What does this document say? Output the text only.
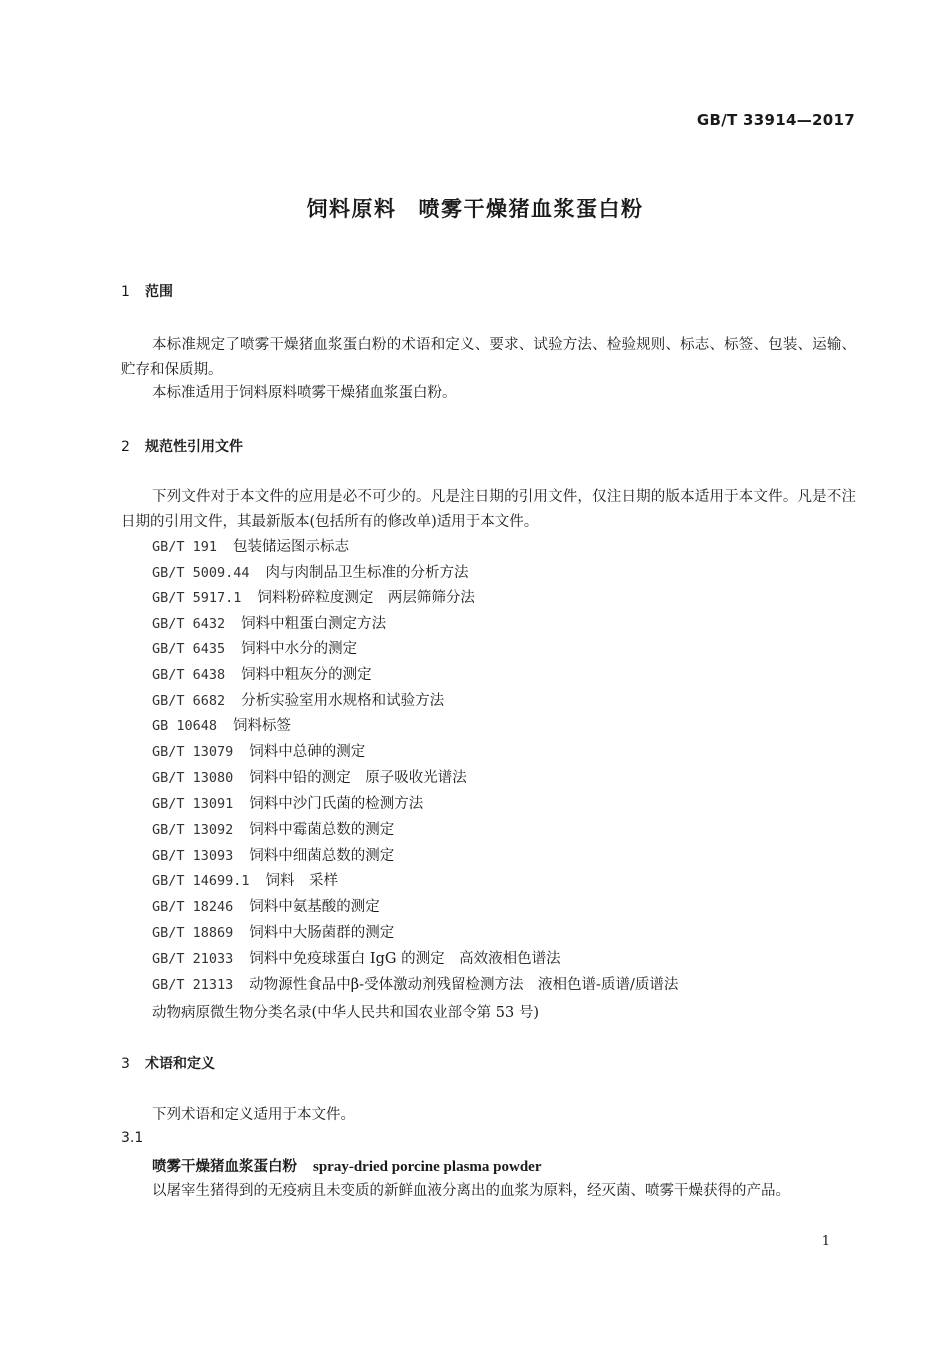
GB/T 33914—2017
饲料原料 喷雾干燥猪血浆蛋白粉
1 范围
本标准规定了喷雾干燥猪血浆蛋白粉的术语和定义、要求、试验方法、检验规则、标志、标签、包装、运输、贮存和保质期。
本标准适用于饲料原料喷雾干燥猪血浆蛋白粉。
2 规范性引用文件
下列文件对于本文件的应用是必不可少的。凡是注日期的引用文件，仅注日期的版本适用于本文件。凡是不注日期的引用文件，其最新版本(包括所有的修改单)适用于本文件。
GB/T 191 包装储运图示标志
GB/T 5009.44 肉与肉制品卫生标准的分析方法
GB/T 5917.1 饲料粉碎粒度测定　两层筛筛分法
GB/T 6432 饲料中粗蛋白测定方法
GB/T 6435 饲料中水分的测定
GB/T 6438 饲料中粗灰分的测定
GB/T 6682 分析实验室用水规格和试验方法
GB 10648 饲料标签
GB/T 13079 饲料中总砷的测定
GB/T 13080 饲料中铅的测定　原子吸收光谱法
GB/T 13091 饲料中沙门氏菌的检测方法
GB/T 13092 饲料中霉菌总数的测定
GB/T 13093 饲料中细菌总数的测定
GB/T 14699.1 饲料　采样
GB/T 18246 饲料中氨基酸的测定
GB/T 18869 饲料中大肠菌群的测定
GB/T 21033 饲料中免疫球蛋白 IgG 的测定　高效液相色谱法
GB/T 21313 动物源性食品中β-受体激动剂残留检测方法　液相色谱-质谱/质谱法
动物病原微生物分类名录(中华人民共和国农业部令第 53 号)
3 术语和定义
下列术语和定义适用于本文件。
3.1
喷雾干燥猪血浆蛋白粉 spray-dried porcine plasma powder
以屠宰生猪得到的无疫病且未变质的新鲜血液分离出的血浆为原料，经灭菌、喷雾干燥获得的产品。
1
